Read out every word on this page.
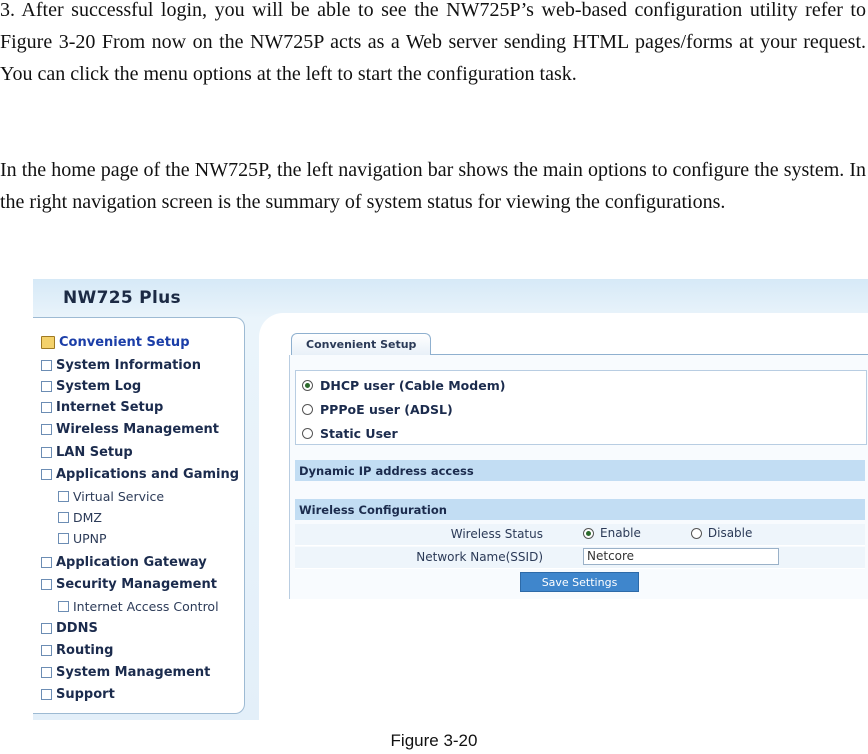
3. After successful login, you will be able to see the NW725P’s web-based configuration utility refer to Figure 3-20 From now on the NW725P acts as a Web server sending HTML pages/forms at your request. You can click the menu options at the left to start the configuration task.

In the home page of the NW725P, the left navigation bar shows the main options to configure the system. In the right navigation screen is the summary of system status for viewing the configurations.

NW725 Plus
Convenient Setup
System Information
System Log
Internet Setup
Wireless Management
LAN Setup
Applications and Gaming
Virtual Service
DMZ
UPNP
Application Gateway
Security Management
Internet Access Control
DDNS
Routing
System Management
Support
Convenient Setup
DHCP user (Cable Modem)
PPPoE user (ADSL)
Static User
Dynamic IP address access
Wireless Configuration
Wireless Status	Enable	Disable
Network Name(SSID)	Netcore
Save Settings
Figure 3-20
